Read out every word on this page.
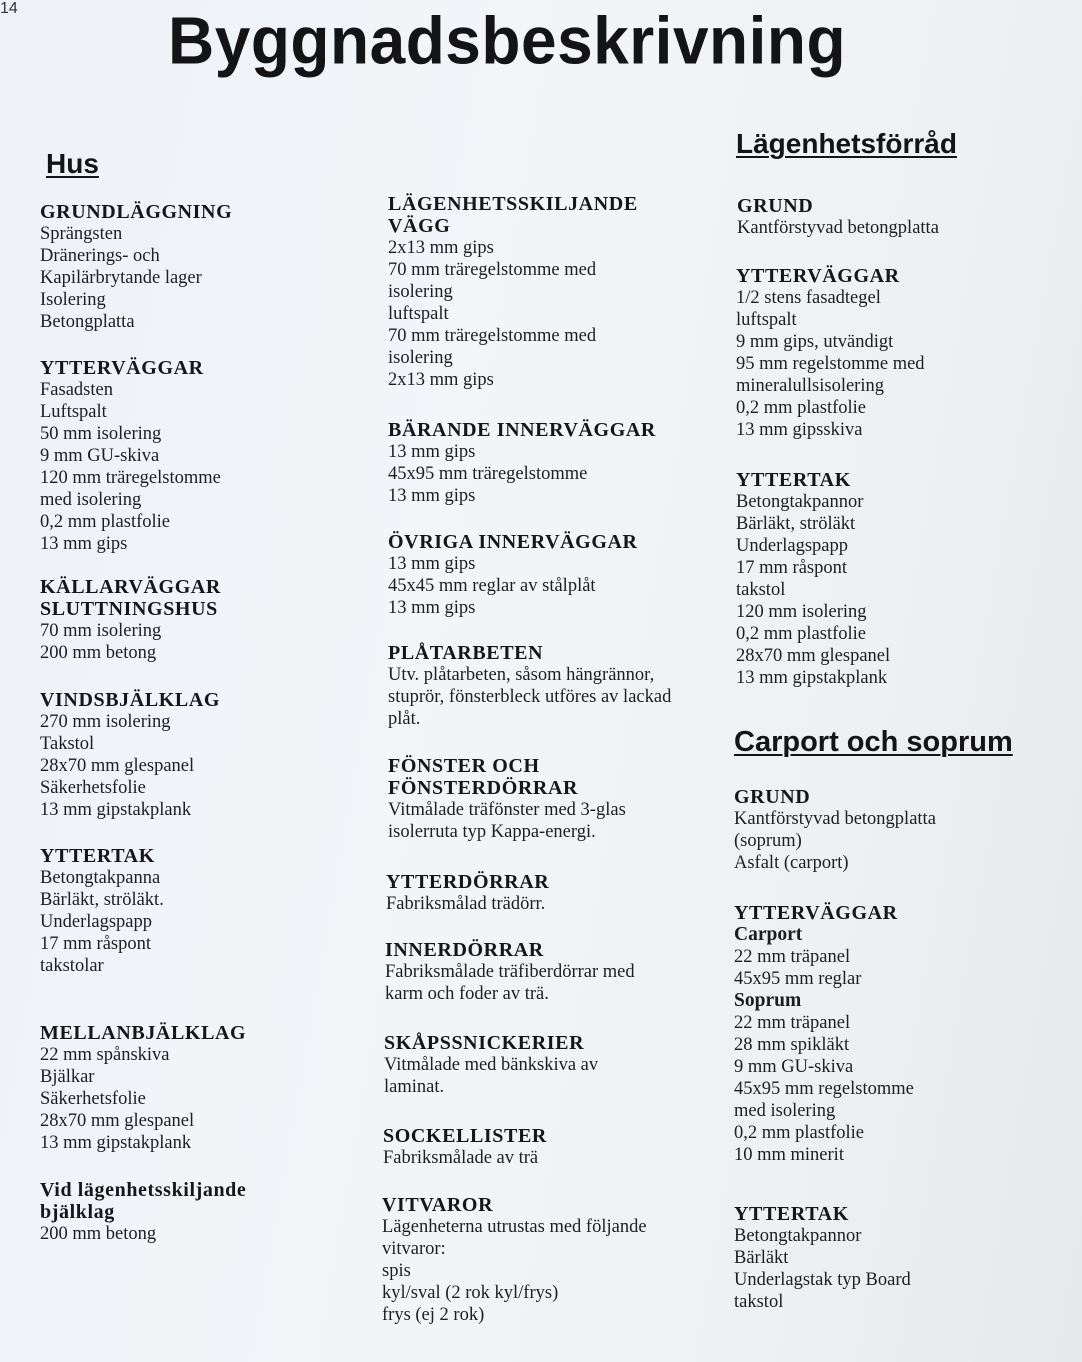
14 Byggnadsbeskrivning
Hus
GRUNDLÄGGNING
Sprängsten
Dränerings- och
Kapilärbrytande lager
Isolering
Betongplatta
YTTERVÄGGAR
Fasadsten
Luftspalt
50 mm isolering
9 mm GU-skiva
120 mm träregelstomme
med isolering
0,2 mm plastfolie
13 mm gips
KÄLLARVÄGGAR
SLUTTNINGSHUS
70 mm isolering
200 mm betong
VINDSBJÄLKLAG
270 mm isolering
Takstol
28x70 mm glespanel
Säkerhetsfolie
13 mm gipstakplank
YTTERTAK
Betongtakpanna
Bärläkt, ströläkt.
Underlagspapp
17 mm råspont
takstolar
MELLANBJÄLKLAG
22 mm spånskiva
Bjälkar
Säkerhetsfolie
28x70 mm glespanel
13 mm gipstakplank
Vid lägenhetsskiljande
bjälklag
200 mm betong
LÄGENHETSSKILJANDE
VÄGG
2x13 mm gips
70 mm träregelstomme med
isolering
luftspalt
70 mm träregelstomme med
isolering
2x13 mm gips
BÄRANDE INNERVÄGGAR
13 mm gips
45x95 mm träregelstomme
13 mm gips
ÖVRIGA INNERVÄGGAR
13 mm gips
45x45 mm reglar av stålplåt
13 mm gips
PLÅTARBETEN
Utv. plåtarbeten, såsom hängrännor,
stuprör, fönsterbleck utföres av lackad
plåt.
FÖNSTER OCH
FÖNSTERDÖRRAR
Vitmålade träfönster med 3-glas
isolerruta typ Kappa-energi.
YTTERDÖRRAR
Fabriksmålad trädörr.
INNERDÖRRAR
Fabriksmålade träfiberdörrar med
karm och foder av trä.
SKÅPSSNICKERIER
Vitmålade med bänkskiva av
laminat.
SOCKELLISTER
Fabriksmålade av trä
VITVAROR
Lägenheterna utrustas med följande
vitvaror:
spis
kyl/sval (2 rok kyl/frys)
frys (ej 2 rok)
Lägenhetsförråd
GRUND
Kantförstyvad betongplatta
YTTERVÄGGAR
1/2 stens fasadtegel
luftspalt
9 mm gips, utvändigt
95 mm regelstomme med
mineralullsisolering
0,2 mm plastfolie
13 mm gipsskiva
YTTERTAK
Betongtakpannor
Bärläkt, ströläkt
Underlagspapp
17 mm råspont
takstol
120 mm isolering
0,2 mm plastfolie
28x70 mm glespanel
13 mm gipstakplank
Carport och soprum
GRUND
Kantförstyvad betongplatta
(soprum)
Asfalt (carport)
YTTERVÄGGAR
Carport
22 mm träpanel
45x95 mm reglar
Soprum
22 mm träpanel
28 mm spikläkt
9 mm GU-skiva
45x95 mm regelstomme
med isolering
0,2 mm plastfolie
10 mm minerit
YTTERTAK
Betongtakpannor
Bärläkt
Underlagstak typ Board
takstol
